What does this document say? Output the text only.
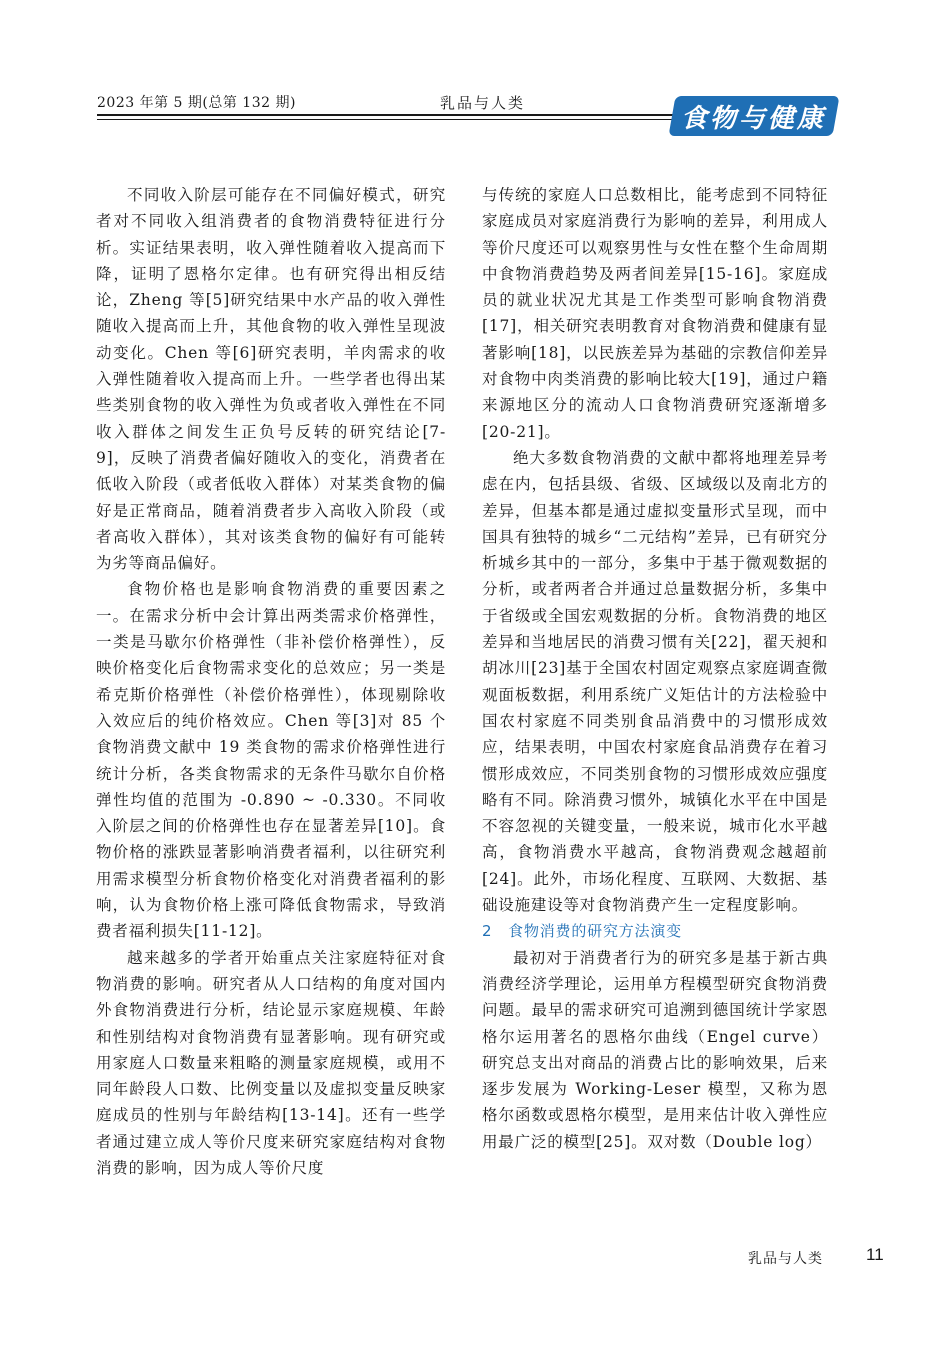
2023 年第 5 期(总第 132 期)	乳品与人类
食物与健康

不同收入阶层可能存在不同偏好模式，研究者对不同收入组消费者的食物消费特征进行分析。实证结果表明，收入弹性随着收入提高而下降，证明了恩格尔定律。也有研究得出相反结论，Zheng 等[5]研究结果中水产品的收入弹性随收入提高而上升，其他食物的收入弹性呈现波动变化。Chen 等[6]研究表明，羊肉需求的收入弹性随着收入提高而上升。一些学者也得出某些类别食物的收入弹性为负或者收入弹性在不同收入群体之间发生正负号反转的研究结论[7-9]，反映了消费者偏好随收入的变化，消费者在低收入阶段（或者低收入群体）对某类食物的偏好是正常商品，随着消费者步入高收入阶段（或者高收入群体），其对该类食物的偏好有可能转为劣等商品偏好。

食物价格也是影响食物消费的重要因素之一。在需求分析中会计算出两类需求价格弹性，一类是马歇尔价格弹性（非补偿价格弹性），反映价格变化后食物需求变化的总效应；另一类是希克斯价格弹性（补偿价格弹性），体现剔除收入效应后的纯价格效应。Chen 等[3]对 85 个食物消费文献中 19 类食物的需求价格弹性进行统计分析，各类食物需求的无条件马歇尔自价格弹性均值的范围为 -0.890 ~ -0.330。不同收入阶层之间的价格弹性也存在显著差异[10]。食物价格的涨跌显著影响消费者福利，以往研究利用需求模型分析食物价格变化对消费者福利的影响，认为食物价格上涨可降低食物需求，导致消费者福利损失[11-12]。

越来越多的学者开始重点关注家庭特征对食物消费的影响。研究者从人口结构的角度对国内外食物消费进行分析，结论显示家庭规模、年龄和性别结构对食物消费有显著影响。现有研究或用家庭人口数量来粗略的测量家庭规模，或用不同年龄段人口数、比例变量以及虚拟变量反映家庭成员的性别与年龄结构[13-14]。还有一些学者通过建立成人等价尺度来研究家庭结构对食物消费的影响，因为成人等价尺度

与传统的家庭人口总数相比，能考虑到不同特征家庭成员对家庭消费行为影响的差异，利用成人等价尺度还可以观察男性与女性在整个生命周期中食物消费趋势及两者间差异[15-16]。家庭成员的就业状况尤其是工作类型可影响食物消费[17]，相关研究表明教育对食物消费和健康有显著影响[18]，以民族差异为基础的宗教信仰差异对食物中肉类消费的影响比较大[19]，通过户籍来源地区分的流动人口食物消费研究逐渐增多[20-21]。

绝大多数食物消费的文献中都将地理差异考虑在内，包括县级、省级、区域级以及南北方的差异，但基本都是通过虚拟变量形式呈现，而中国具有独特的城乡“二元结构”差异，已有研究分析城乡其中的一部分，多集中于基于微观数据的分析，或者两者合并通过总量数据分析，多集中于省级或全国宏观数据的分析。食物消费的地区差异和当地居民的消费习惯有关[22]，翟天昶和胡冰川[23]基于全国农村固定观察点家庭调查微观面板数据，利用系统广义矩估计的方法检验中国农村家庭不同类别食品消费中的习惯形成效应，结果表明，中国农村家庭食品消费存在着习惯形成效应，不同类别食物的习惯形成效应强度略有不同。除消费习惯外，城镇化水平在中国是不容忽视的关键变量，一般来说，城市化水平越高，食物消费水平越高，食物消费观念越超前[24]。此外，市场化程度、互联网、大数据、基础设施建设等对食物消费产生一定程度影响。

2　食物消费的研究方法演变

最初对于消费者行为的研究多是基于新古典消费经济学理论，运用单方程模型研究食物消费问题。最早的需求研究可追溯到德国统计学家恩格尔运用著名的恩格尔曲线（Engel curve）研究总支出对商品的消费占比的影响效果，后来逐步发展为 Working-Leser 模型，又称为恩格尔函数或恩格尔模型，是用来估计收入弹性应用最广泛的模型[25]。双对数（Double log）

乳品与人类	11
